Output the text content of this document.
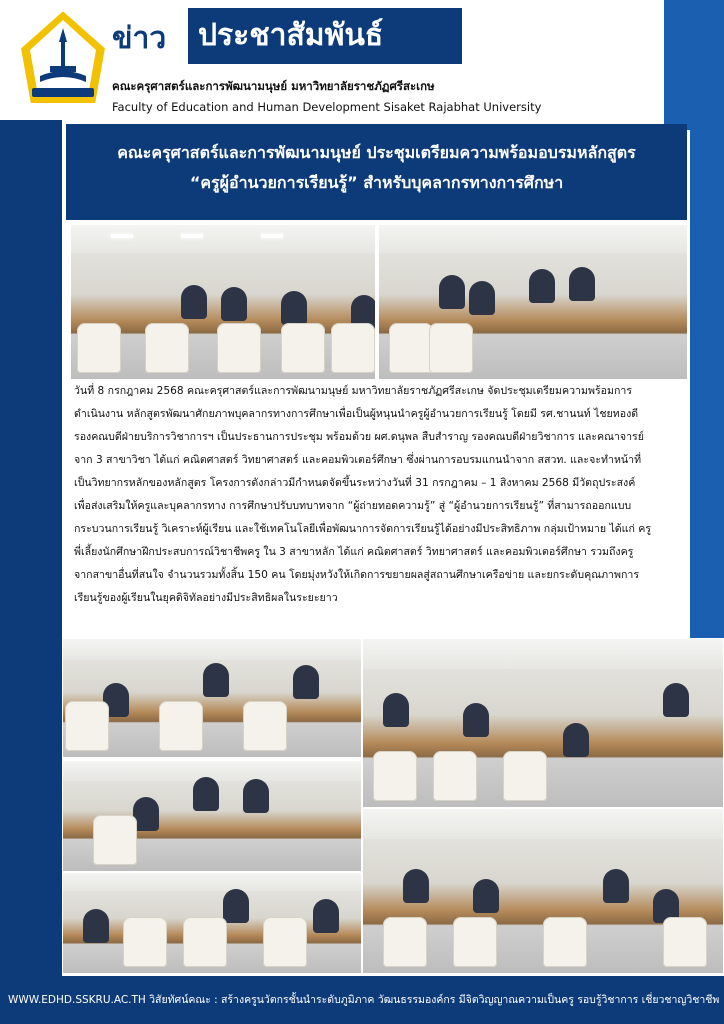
ข่าว	ประชาสัมพันธ์
คณะครุศาสตร์และการพัฒนามนุษย์ มหาวิทยาลัยราชภัฏศรีสะเกษ
Faculty of Education and Human Development Sisaket Rajabhat University
คณะครุศาสตร์และการพัฒนามนุษย์ ประชุมเตรียมความพร้อมอบรมหลักสูตร
“ครูผู้อำนวยการเรียนรู้” สำหรับบุคลากรทางการศึกษา

วันที่ 8 กรกฎาคม 2568 คณะครุศาสตร์และการพัฒนามนุษย์ มหาวิทยาลัยราชภัฏศรีสะเกษ จัดประชุมเตรียมความพร้อมการ

ดำเนินงาน หลักสูตรพัฒนาศักยภาพบุคลากรทางการศึกษาเพื่อเป็นผู้หนุนนำครูผู้อำนวยการเรียนรู้ โดยมี รศ.ชานนท์ ไชยทองดี

รองคณบดีฝ่ายบริการวิชาการฯ เป็นประธานการประชุม พร้อมด้วย ผศ.ดนุพล สืบสำราญ รองคณบดีฝ่ายวิชาการ และคณาจารย์

จาก 3 สาขาวิชา ได้แก่ คณิตศาสตร์ วิทยาศาสตร์ และคอมพิวเตอร์ศึกษา ซึ่งผ่านการอบรมแกนนำจาก สสวท. และจะทำหน้าที่

เป็นวิทยากรหลักของหลักสูตร โครงการดังกล่าวมีกำหนดจัดขึ้นระหว่างวันที่ 31 กรกฎาคม – 1 สิงหาคม 2568 มีวัตถุประสงค์

เพื่อส่งเสริมให้ครูและบุคลากรทาง การศึกษาปรับบทบาทจาก “ผู้ถ่ายทอดความรู้” สู่ “ผู้อำนวยการเรียนรู้” ที่สามารถออกแบบ

กระบวนการเรียนรู้ วิเคราะห์ผู้เรียน และใช้เทคโนโลยีเพื่อพัฒนาการจัดการเรียนรู้ได้อย่างมีประสิทธิภาพ กลุ่มเป้าหมาย ได้แก่ ครู

พี่เลี้ยงนักศึกษาฝึกประสบการณ์วิชาชีพครู ใน 3 สาขาหลัก ได้แก่ คณิตศาสตร์ วิทยาศาสตร์ และคอมพิวเตอร์ศึกษา รวมถึงครู

จากสาขาอื่นที่สนใจ จำนวนรวมทั้งสิ้น 150 คน โดยมุ่งหวังให้เกิดการขยายผลสู่สถานศึกษาเครือข่าย และยกระดับคุณภาพการ

เรียนรู้ของผู้เรียนในยุคดิจิทัลอย่างมีประสิทธิผลในระยะยาว

WWW.EDHD.SSKRU.AC.TH วิสัยทัศน์คณะ : สร้างครูนวัตกรชั้นนำระดับภูมิภาค วัฒนธรรมองค์กร มีจิตวิญญาณความเป็นครู รอบรู้วิชาการ เชี่ยวชาญวิชาชีพ
